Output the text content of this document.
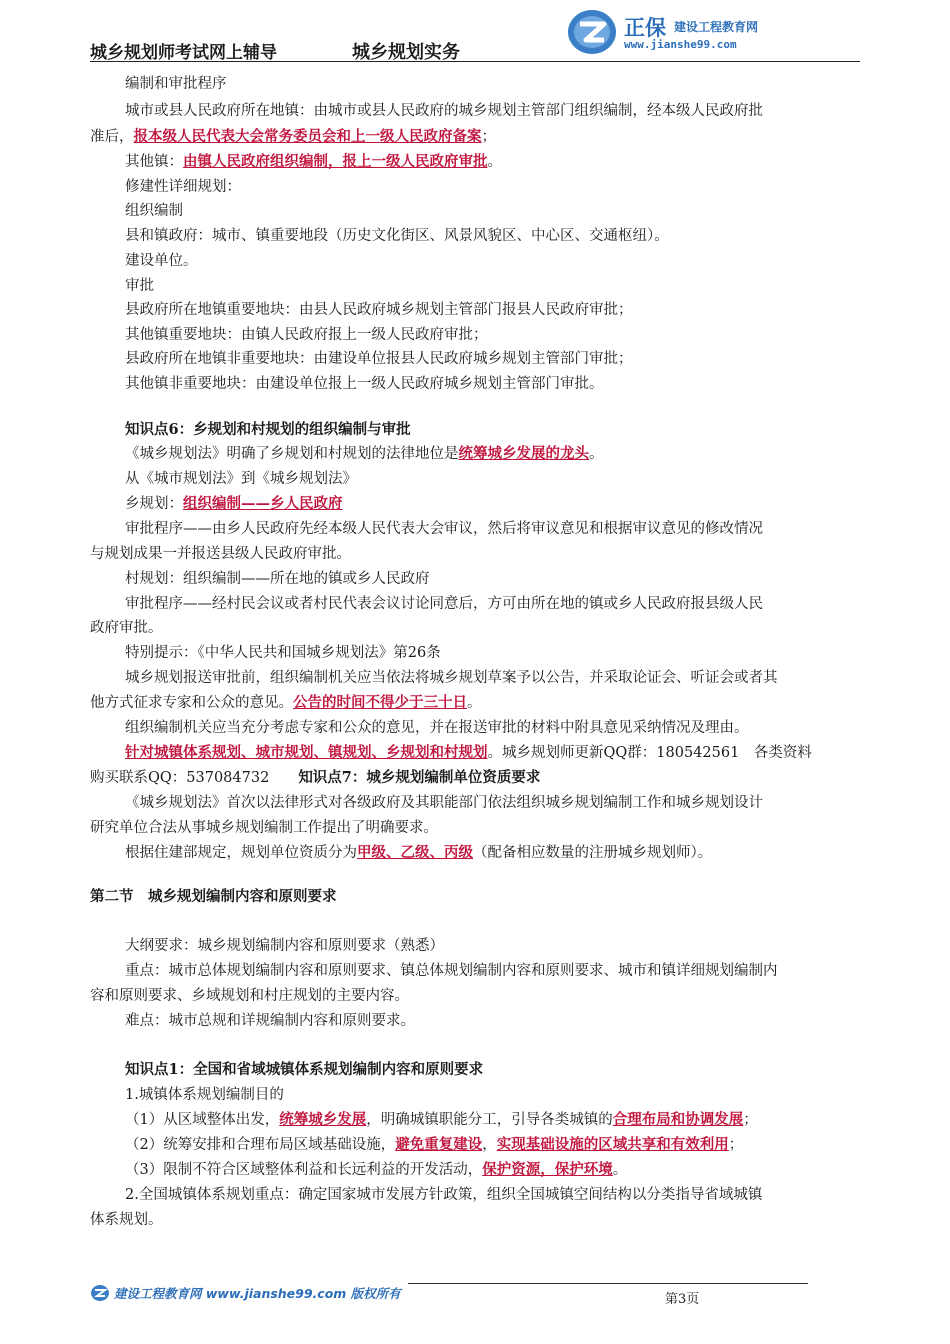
城乡规划师考试网上辅导	城乡规划实务
正保 建设工程教育网
www.jianshe99.com
编制和审批程序
城市或县人民政府所在地镇：由城市或县人民政府的城乡规划主管部门组织编制，经本级人民政府批
准后，报本级人民代表大会常务委员会和上一级人民政府备案；
其他镇：由镇人民政府组织编制，报上一级人民政府审批。
修建性详细规划：
组织编制
县和镇政府：城市、镇重要地段（历史文化街区、风景风貌区、中心区、交通枢纽）。
建设单位。
审批
县政府所在地镇重要地块：由县人民政府城乡规划主管部门报县人民政府审批；
其他镇重要地块：由镇人民政府报上一级人民政府审批；
县政府所在地镇非重要地块：由建设单位报县人民政府城乡规划主管部门审批；
其他镇非重要地块：由建设单位报上一级人民政府城乡规划主管部门审批。
知识点6：乡规划和村规划的组织编制与审批
《城乡规划法》明确了乡规划和村规划的法律地位是统筹城乡发展的龙头。
从《城市规划法》到《城乡规划法》
乡规划：组织编制——乡人民政府
审批程序——由乡人民政府先经本级人民代表大会审议，然后将审议意见和根据审议意见的修改情况
与规划成果一并报送县级人民政府审批。
村规划：组织编制——所在地的镇或乡人民政府
审批程序——经村民会议或者村民代表会议讨论同意后，方可由所在地的镇或乡人民政府报县级人民
政府审批。
特别提示：《中华人民共和国城乡规划法》第26条
城乡规划报送审批前，组织编制机关应当依法将城乡规划草案予以公告，并采取论证会、听证会或者其
他方式征求专家和公众的意见。公告的时间不得少于三十日。
组织编制机关应当充分考虑专家和公众的意见，并在报送审批的材料中附具意见采纳情况及理由。
针对城镇体系规划、城市规划、镇规划、乡规划和村规划。城乡规划师更新QQ群：180542561　各类资料
购买联系QQ：537084732　　知识点7：城乡规划编制单位资质要求
《城乡规划法》首次以法律形式对各级政府及其职能部门依法组织城乡规划编制工作和城乡规划设计
研究单位合法从事城乡规划编制工作提出了明确要求。
根据住建部规定，规划单位资质分为甲级、乙级、丙级（配备相应数量的注册城乡规划师）。
第二节　城乡规划编制内容和原则要求
大纲要求：城乡规划编制内容和原则要求（熟悉）
重点：城市总体规划编制内容和原则要求、镇总体规划编制内容和原则要求、城市和镇详细规划编制内
容和原则要求、乡域规划和村庄规划的主要内容。
难点：城市总规和详规编制内容和原则要求。
知识点1：全国和省域城镇体系规划编制内容和原则要求
1.城镇体系规划编制目的
（1）从区域整体出发，统筹城乡发展，明确城镇职能分工，引导各类城镇的合理布局和协调发展；
（2）统筹安排和合理布局区域基础设施，避免重复建设，实现基础设施的区域共享和有效利用；
（3）限制不符合区域整体利益和长远利益的开发活动，保护资源，保护环境。
2.全国城镇体系规划重点：确定国家城市发展方针政策，组织全国城镇空间结构以分类指导省域城镇
体系规划。
建设工程教育网 www.jianshe99.com 版权所有	第3页
